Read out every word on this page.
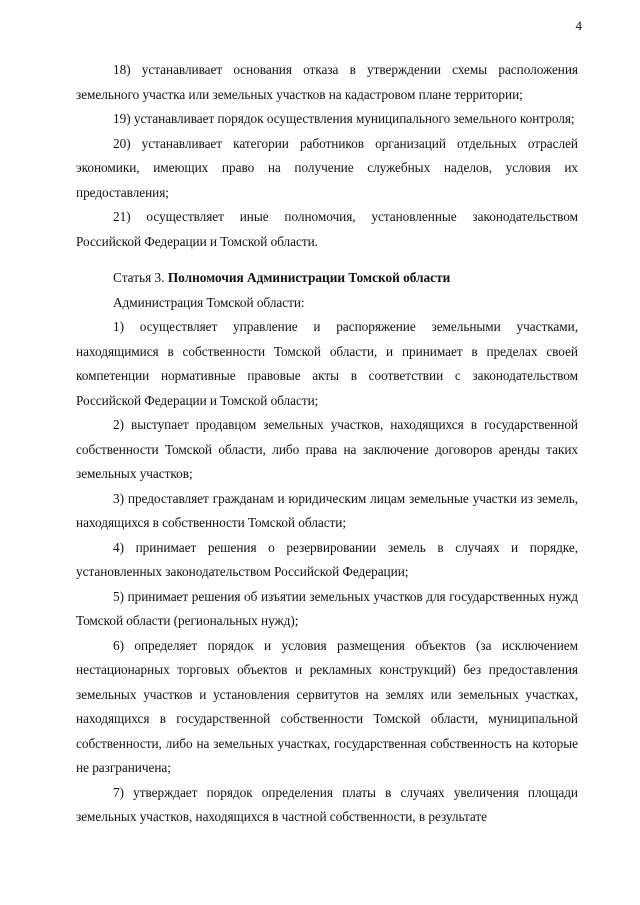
4

18) устанавливает основания отказа в утверждении схемы расположения земельного участка или земельных участков на кадастровом плане территории;

19) устанавливает порядок осуществления муниципального земельного контроля;

20) устанавливает категории работников организаций отдельных отраслей экономики, имеющих право на получение служебных наделов, условия их предоставления;

21) осуществляет иные полномочия, установленные законодательством Российской Федерации и Томской области.

Статья 3. Полномочия Администрации Томской области

Администрация Томской области:

1) осуществляет управление и распоряжение земельными участками, находящимися в собственности Томской области, и принимает в пределах своей компетенции нормативные правовые акты в соответствии с законодательством Российской Федерации и Томской области;

2) выступает продавцом земельных участков, находящихся в государственной собственности Томской области, либо права на заключение договоров аренды таких земельных участков;

3) предоставляет гражданам и юридическим лицам земельные участки из земель, находящихся в собственности Томской области;

4) принимает решения о резервировании земель в случаях и порядке, установленных законодательством Российской Федерации;

5) принимает решения об изъятии земельных участков для государственных нужд Томской области (региональных нужд);

6) определяет порядок и условия размещения объектов (за исключением нестационарных торговых объектов и рекламных конструкций) без предоставления земельных участков и установления сервитутов на землях или земельных участках, находящихся в государственной собственности Томской области, муниципальной собственности, либо на земельных участках, государственная собственность на которые не разграничена;

7) утверждает порядок определения платы в случаях увеличения площади земельных участков, находящихся в частной собственности, в результате
